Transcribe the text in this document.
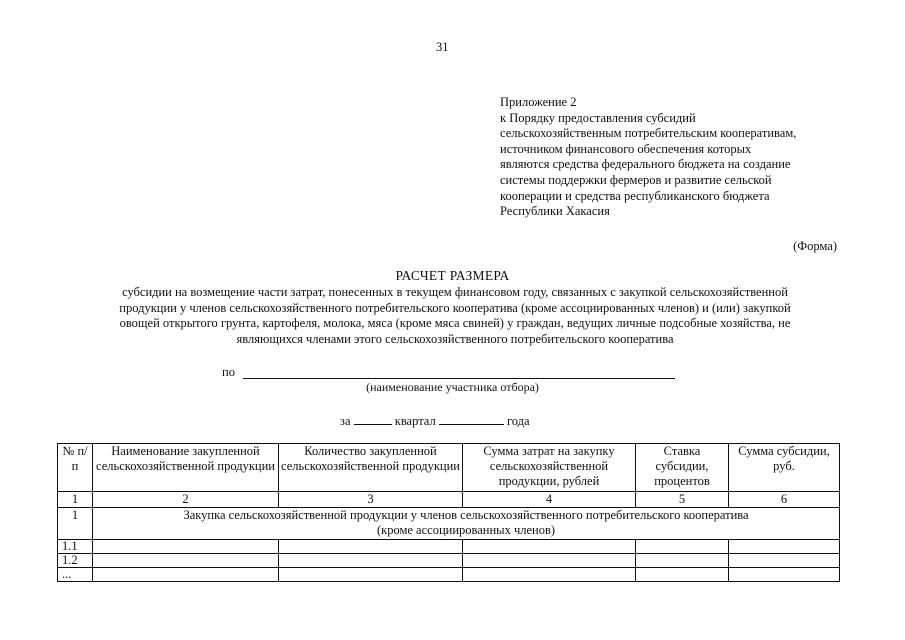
31
Приложение 2
к Порядку предоставления субсидий
сельскохозяйственным потребительским кооперативам,
источником финансового обеспечения которых
являются средства федерального бюджета на создание
системы поддержки фермеров и развитие сельской
кооперации и средства республиканского бюджета
Республики Хакасия
(Форма)
РАСЧЕТ РАЗМЕРА
субсидии на возмещение части затрат, понесенных в текущем финансовом году, связанных с закупкой сельскохозяйственной
продукции у членов сельскохозяйственного потребительского кооператива (кроме ассоциированных членов) и (или) закупкой
овощей открытого грунта, картофеля, молока, мяса (кроме мяса свиней) у граждан, ведущих личные подсобные хозяйства, не
являющихся членами этого сельскохозяйственного потребительского кооператива
по
(наименование участника отбора)
за	квартал	года
№ п/п	Наименование закупленной сельскохозяйственной продукции	Количество закупленной сельскохозяйственной продукции	Сумма затрат на закупку сельскохозяйственной продукции, рублей	Ставка субсидии, процентов	Сумма субсидии, руб.
1	2	3	4	5	6
1	Закупка сельскохозяйственной продукции у членов сельскохозяйственного потребительского кооператива
(кроме ассоциированных членов)				

1.1					
1.2					
...					
